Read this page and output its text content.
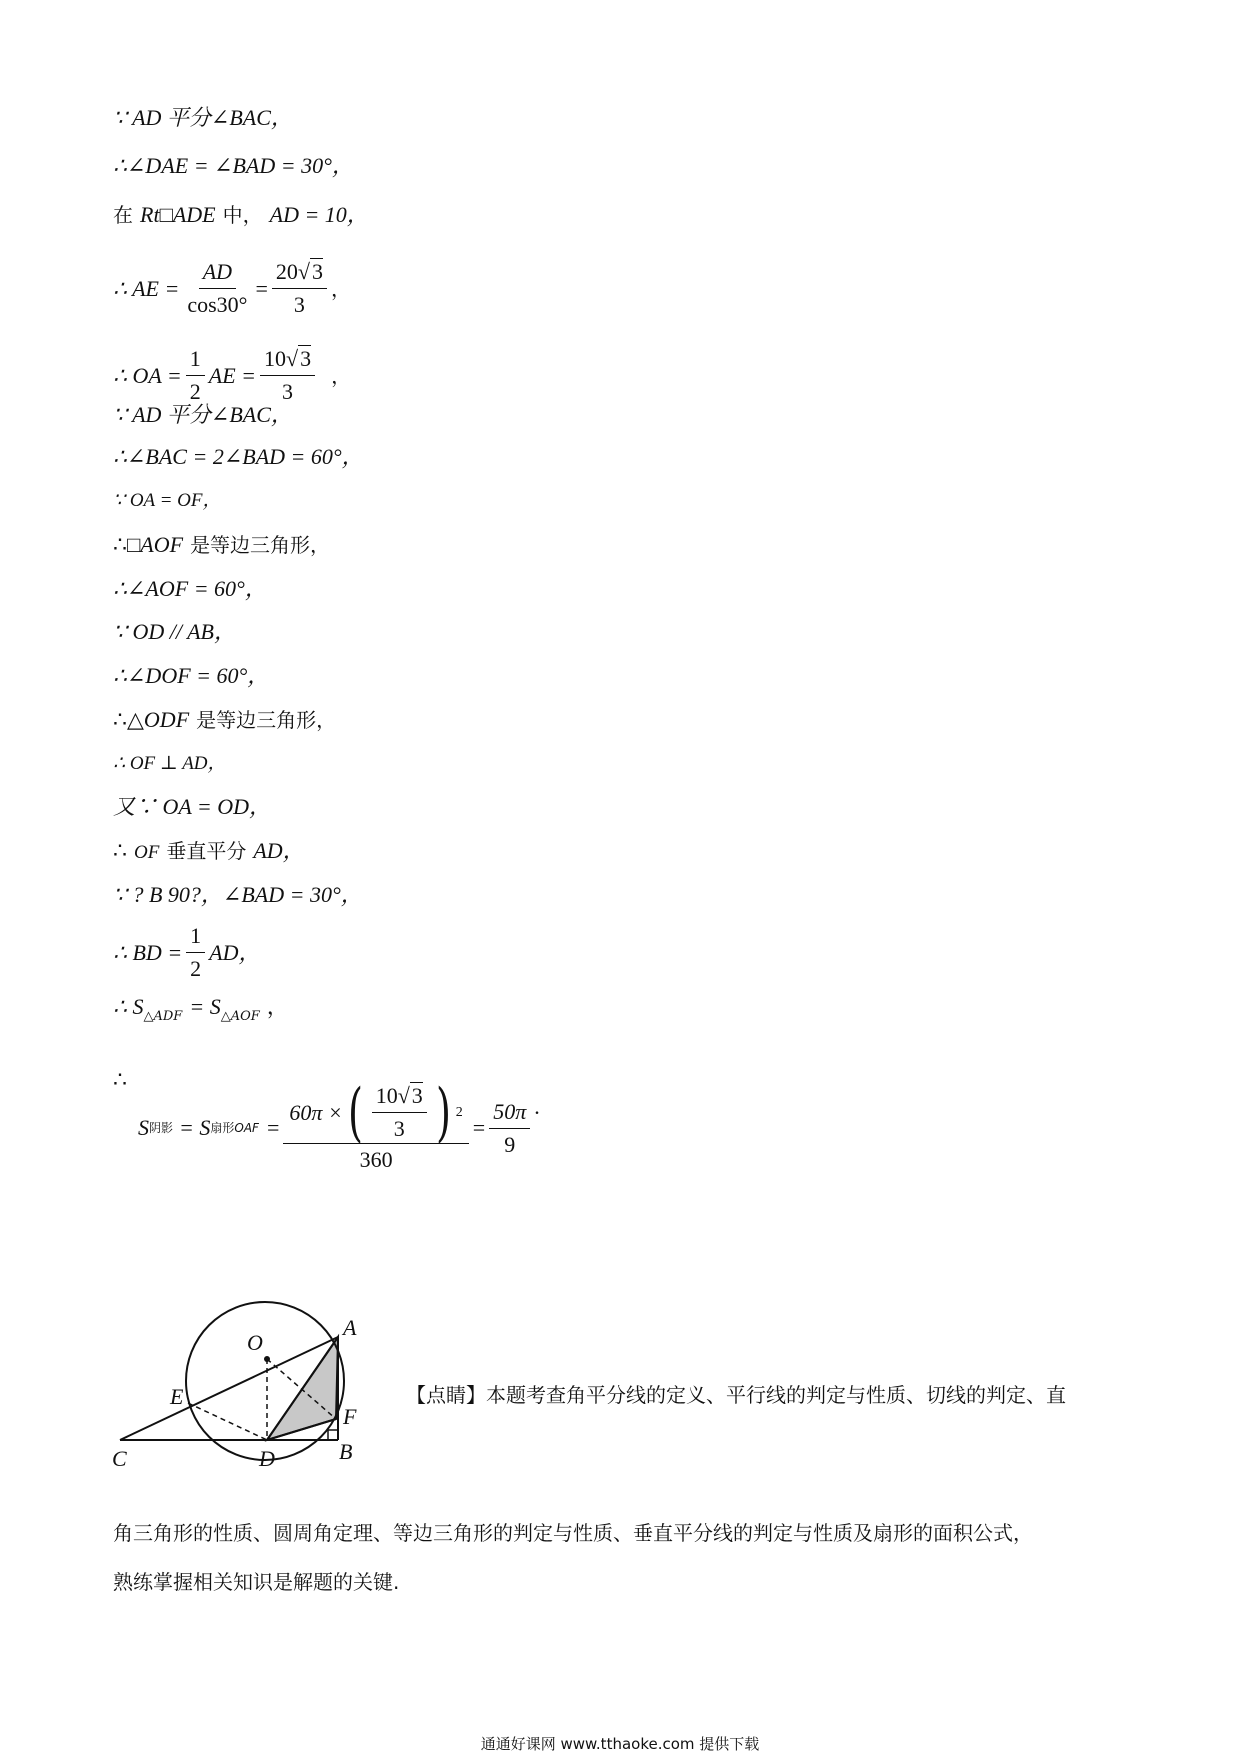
∵ AD 平分∠BAC，
∴∠DAE = ∠BAD = 30°，
在 Rt□ADE 中， AD = 10，
∴ AE = $\frac{AD}{\cos 30^\circ} = \frac{20√3}{3}$ ，
∴ OA = $\frac{1}{2}$ AE = $\frac{10√3}{3}$ ，
∵ AD 平分∠BAC，
∴∠BAC = 2∠BAD = 60°，
∵ OA = OF，
∴□AOF 是等边三角形，
∴∠AOF = 60°，
∵ OD // AB，
∴∠DOF = 60°，
∴△ODF 是等边三角形，
∴ OF ⊥ AD，
又∵ OA = OD，
∴ OF 垂直平分 AD，
∵ ? B 90?，∠BAD = 30°，
∴ BD = $\frac{1}{2}$ AD，
∴ $S_{\triangle ADF} = S_{\triangle AOF}$ ，
∴
S 阴影 = S 扇形OAF =
60π × ( $\frac{10√3}{3}$ ) 2
360
= $\frac{50\pi}{9}$ .
A
O
E
F
C	D	B
【点睛】本题考查角平分线的定义、平行线的判定与性质、切线的判定、直
角三角形的性质、圆周角定理、等边三角形的判定与性质、垂直平分线的判定与性质及扇形的面积公式，
熟练掌握相关知识是解题的关键.
通通好课网 www.tthaoke.com 提供下载
